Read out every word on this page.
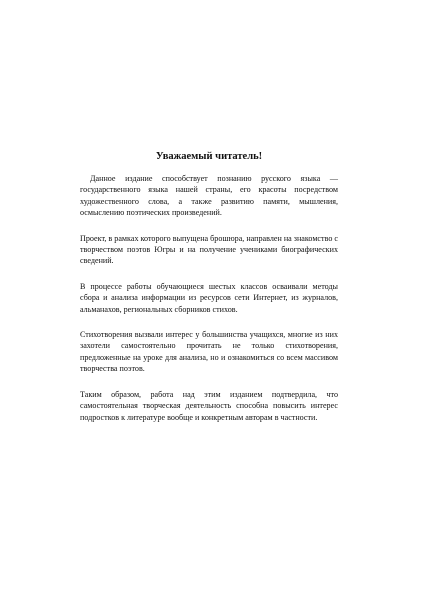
Уважаемый читатель!

Данное издание способствует познанию русского языка — государственного языка нашей страны, его красоты посредством художественного слова, а также развитию памяти, мышления, осмыслению поэтических произведений.

Проект, в рамках которого выпущена брошюра, направлен на знакомство с творчеством поэтов Югры и на получение учениками биографических сведений.

В процессе работы обучающиеся шестых классов осваивали методы сбора и анализа информации из ресурсов сети Интернет, из журналов, альманахов, региональных сборников стихов.

Стихотворения вызвали интерес у большинства учащихся, многие из них захотели самостоятельно прочитать не только стихотворения, предложенные на уроке для анализа, но и ознакомиться со всем массивом творчества поэтов.

Таким образом, работа над этим изданием подтвердила, что самостоятельная творческая деятельность способна повысить интерес подростков к литературе вообще и конкретным авторам в частности.
